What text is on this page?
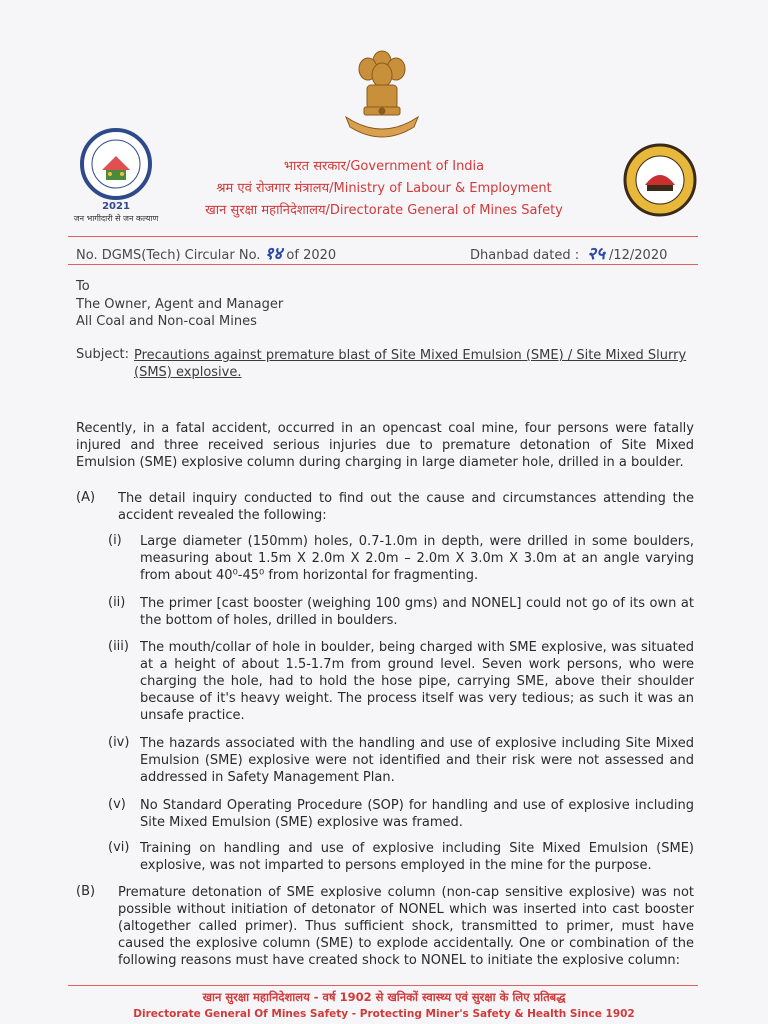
2021
जन भागीदारी से जन कल्याण
भारत सरकार/Government of India
श्रम एवं रोजगार मंत्रालय/Ministry of Labour & Employment
खान सुरक्षा महानिदेशालय/Directorate General of Mines Safety
No. DGMS(Tech) Circular No. १४ of 2020	Dhanbad dated : २५ /12/2020
To
The Owner, Agent and Manager
All Coal and Non-coal Mines
Subject: Precautions against premature blast of Site Mixed Emulsion (SME) / Site Mixed Slurry (SMS) explosive.
Recently, in a fatal accident, occurred in an opencast coal mine, four persons were fatally injured and three received serious injuries due to premature detonation of Site Mixed Emulsion (SME) explosive column during charging in large diameter hole, drilled in a boulder.
(A) The detail inquiry conducted to find out the cause and circumstances attending the accident revealed the following:
(i) Large diameter (150mm) holes, 0.7-1.0m in depth, were drilled in some boulders, measuring about 1.5m X 2.0m X 2.0m – 2.0m X 3.0m X 3.0m at an angle varying from about 40⁰-45⁰ from horizontal for fragmenting.
(ii) The primer [cast booster (weighing 100 gms) and NONEL] could not go of its own at the bottom of holes, drilled in boulders.
(iii) The mouth/collar of hole in boulder, being charged with SME explosive, was situated at a height of about 1.5-1.7m from ground level. Seven work persons, who were charging the hole, had to hold the hose pipe, carrying SME, above their shoulder because of it's heavy weight. The process itself was very tedious; as such it was an unsafe practice.
(iv) The hazards associated with the handling and use of explosive including Site Mixed Emulsion (SME) explosive were not identified and their risk were not assessed and addressed in Safety Management Plan.
(v) No Standard Operating Procedure (SOP) for handling and use of explosive including Site Mixed Emulsion (SME) explosive was framed.
(vi) Training on handling and use of explosive including Site Mixed Emulsion (SME) explosive, was not imparted to persons employed in the mine for the purpose.
(B) Premature detonation of SME explosive column (non-cap sensitive explosive) was not possible without initiation of detonator of NONEL which was inserted into cast booster (altogether called primer). Thus sufficient shock, transmitted to primer, must have caused the explosive column (SME) to explode accidentally. One or combination of the following reasons must have created shock to NONEL to initiate the explosive column:
खान सुरक्षा महानिदेशालय - वर्ष 1902 से खनिकों स्वास्थ्य एवं सुरक्षा के लिए प्रतिबद्ध
Directorate General Of Mines Safety - Protecting Miner's Safety & Health Since 1902
